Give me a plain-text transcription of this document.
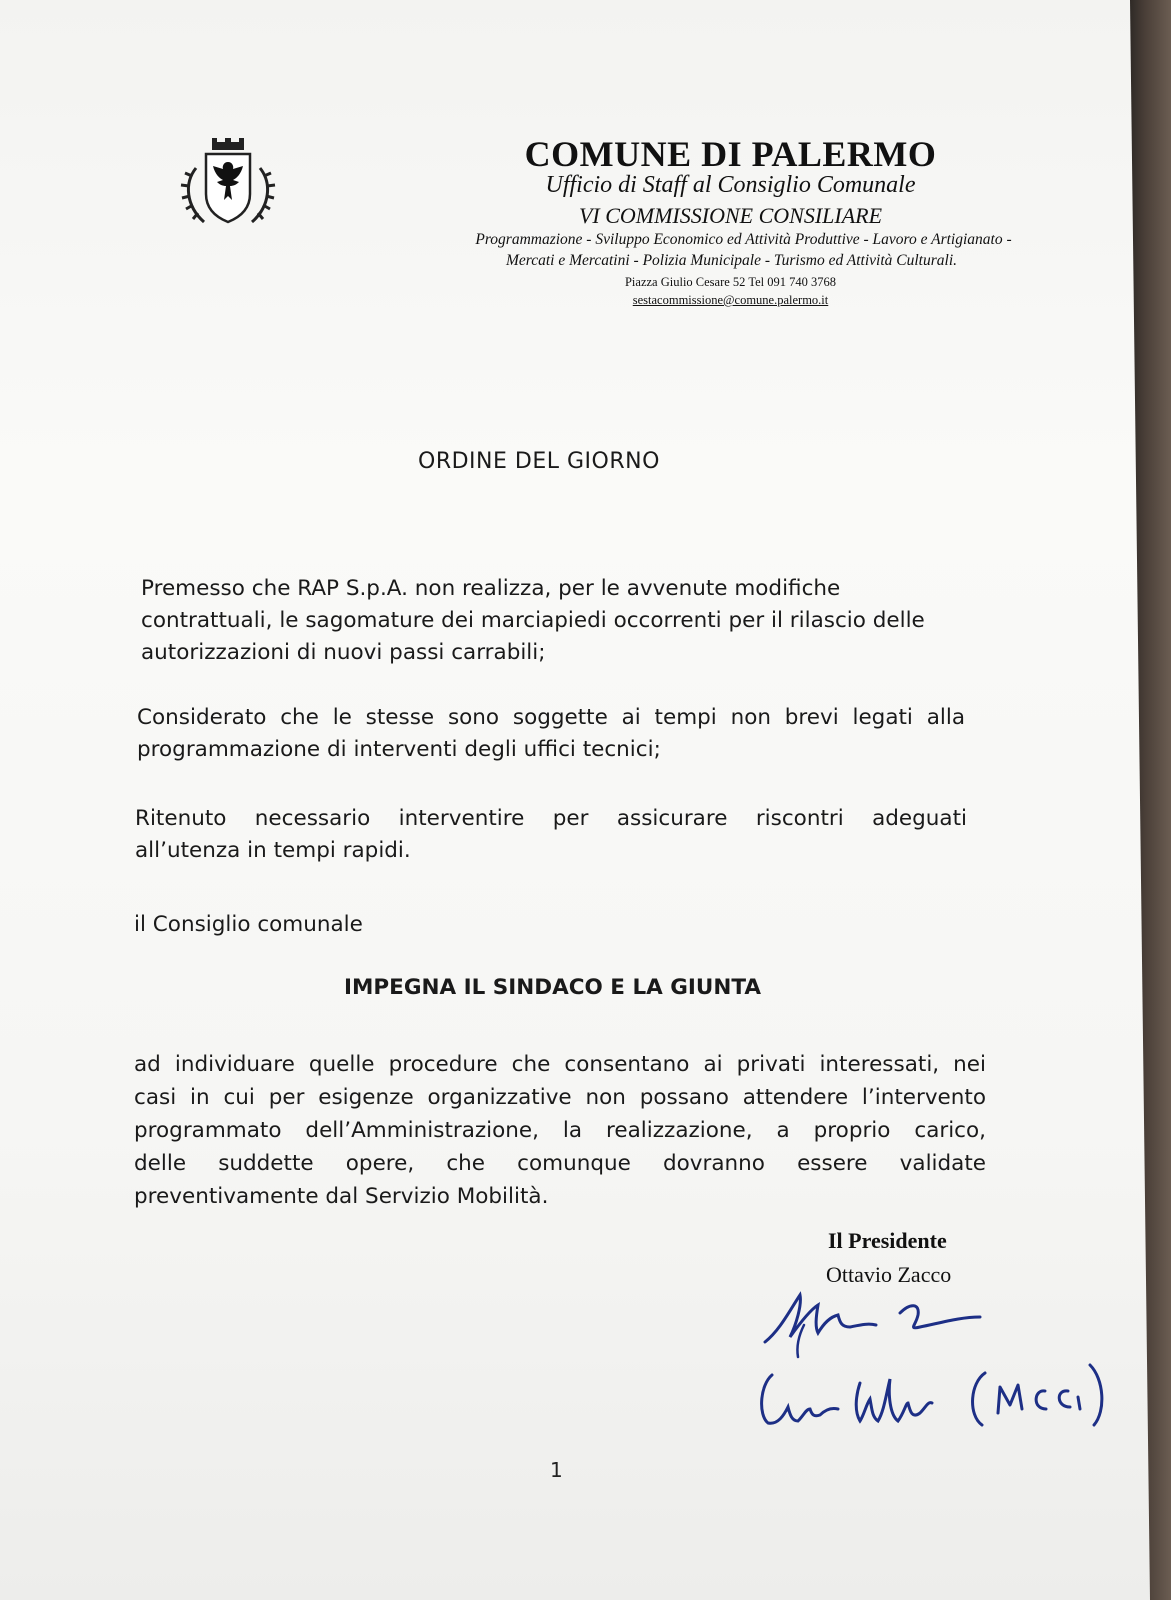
COMUNE DI PALERMO
Ufficio di Staff al Consiglio Comunale
VI COMMISSIONE CONSILIARE
Programmazione - Sviluppo Economico ed Attività Produttive - Lavoro e Artigianato -
Mercati e Mercatini - Polizia Municipale - Turismo ed Attività Culturali.
Piazza Giulio Cesare 52 Tel 091 740 3768
sestacommissione@comune.palermo.it
ORDINE DEL GIORNO
Premesso che RAP S.p.A. non realizza, per le avvenute modifiche
contrattuali, le sagomature dei marciapiedi occorrenti per il rilascio delle
autorizzazioni di nuovi passi carrabili;
Considerato che le stesse sono soggette ai tempi non brevi legati alla
programmazione di interventi degli uffici tecnici;
Ritenuto necessario interventire per assicurare riscontri adeguati
all’utenza in tempi rapidi.
il Consiglio comunale
IMPEGNA IL SINDACO E LA GIUNTA
ad individuare quelle procedure che consentano ai privati interessati, nei
casi in cui per esigenze organizzative non possano attendere l’intervento
programmato dell’Amministrazione, la realizzazione, a proprio carico,
delle suddette opere, che comunque dovranno essere validate
preventivamente dal Servizio Mobilità.
Il Presidente
Ottavio Zacco
1
